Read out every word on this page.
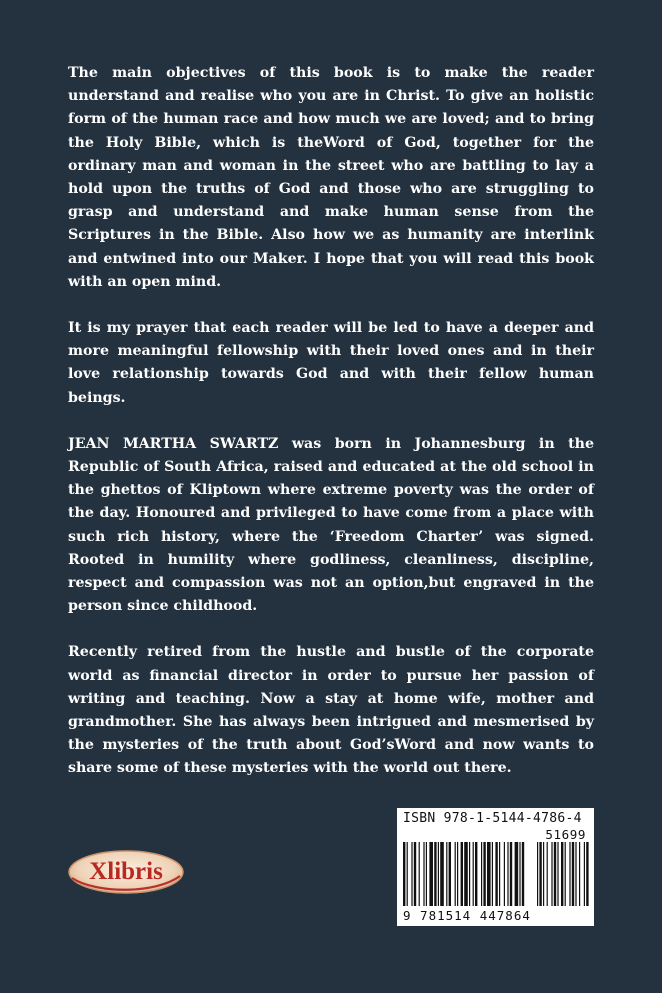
The main objectives of this book is to make the reader understand and realise who you are in Christ. To give an holistic form of the human race and how much we are loved; and to bring the Holy Bible, which is theWord of God, together for the ordinary man and woman in the street who are battling to lay a hold upon the truths of God and those who are struggling to grasp and understand and make human sense from the Scriptures in the Bible. Also how we as humanity are interlink and entwined into our Maker. I hope that you will read this book with an open mind.

It is my prayer that each reader will be led to have a deeper and more meaningful fellowship with their loved ones and in their love relationship towards God and with their fellow human beings.

JEAN MARTHA SWARTZ was born in Johannesburg in the Republic of South Africa, raised and educated at the old school in the ghettos of Kliptown where extreme poverty was the order of the day. Honoured and privileged to have come from a place with such rich history, where the ‘Freedom Charter’ was signed. Rooted in humility where godliness, cleanliness, discipline, respect and compassion was not an option,but engraved in the person since childhood.

Recently retired from the hustle and bustle of the corporate world as financial director in order to pursue her passion of writing and teaching. Now a stay at home wife, mother and grandmother. She has always been intrigued and mesmerised by the mysteries of the truth about God’sWord and now wants to share some of these mysteries with the world out there.

Xlibris
ISBN 978-1-5144-4786-4
51699
9 781514 447864
